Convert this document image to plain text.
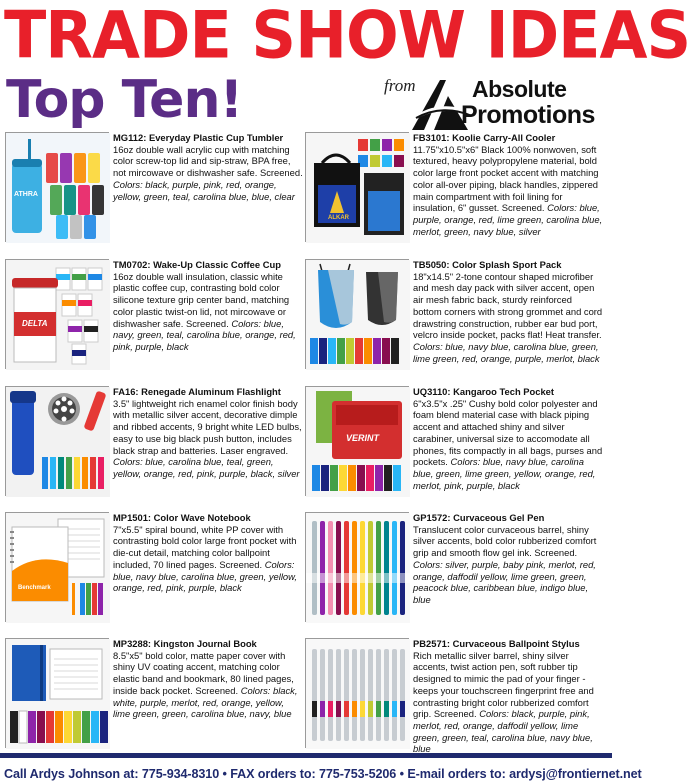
TRADE SHOW IDEAS
Top Ten!	from Absolute
Promotions
ATHRA
MG112: Everyday Plastic Cup Tumbler
16oz double wall acrylic cup with matching color screw-top lid and sip-straw, BPA free, not mircowave or dishwasher safe. Screened. Colors: black, purple, pink, red, orange, yellow, green, teal, carolina blue, blue, clear
ALKAR
FB3101: Koolie Carry-All Cooler
11.75"x10.5"x6" Black 100% nonwoven, soft textured, heavy polypropylene material, bold color large front pocket accent with matching color all-over piping, black handles, zippered main compartment with foil lining for insulation, 6" gusset. Screened. Colors: blue, purple, orange, red, lime green, carolina blue, merlot, green, navy blue, silver
DELTA
TM0702: Wake-Up Classic Coffee Cup
16oz double wall insulation, classic white plastic coffee cup, contrasting bold color silicone texture grip center band, matching color plastic twist-on lid, not mircowave or dishwasher safe. Screened. Colors: blue, navy, green, teal, carolina blue, orange, red, pink, purple, black
TB5050: Color Splash Sport Pack
18"x14.5" 2-tone contour shaped microfiber and mesh day pack with silver accent, open air mesh fabric back, sturdy reinforced bottom corners with strong grommet and cord drawstring construction, rubber ear bud port, velcro inside pocket, packs flat! Heat transfer. Colors: blue, navy blue, carolina blue, green, lime green, red, orange, purple, merlot, black
FA16: Renegade Aluminum Flashlight
3.5" lightweight rich enamel color finish body with metallic silver accent, decorative dimple and ribbed accents, 9 bright white LED bulbs, easy to use big black push button, includes black strap and batteries. Laser engraved. Colors: blue, carolina blue, teal, green, yellow, orange, red, pink, purple, black, silver
VERINT
UQ3110: Kangaroo Tech Pocket
6"x3.5"x .25" Cushy bold color polyester and foam blend material case with black piping accent and attached shiny and silver carabiner, universal size to accomodate all phones, fits compactly in all bags, purses and pockets. Colors: blue, navy blue, carolina blue, green, lime green, yellow, orange, red, merlot, pink, purple, black
Benchmark
MP1501: Color Wave Notebook
7"x5.5" spiral bound, white PP cover with contrasting bold color large front pocket with die-cut detail, matching color ballpoint included, 70 lined pages. Screened. Colors: blue, navy blue, carolina blue, green, yellow, orange, red, pink, purple, black
GP1572: Curvaceous Gel Pen
Translucent color curvaceous barrel, shiny silver accents, bold color rubberized comfort grip and smooth flow gel ink. Screened. Colors: silver, purple, baby pink, merlot, red, orange, daffodil yellow, lime green, green, peacock blue, caribbean blue, indigo blue, blue
MP3288: Kingston Journal Book
8.5"x5" bold color, matte paper cover with shiny UV coating accent, matching color elastic band and bookmark, 80 lined pages, inside back pocket. Screened. Colors: black, white, purple, merlot, red, orange, yellow, lime green, green, carolina blue, navy, blue
PB2571: Curvaceous Ballpoint Stylus
Rich metallic silver barrel, shiny silver accents, twist action pen, soft rubber tip designed to mimic the pad of your finger - keeps your touchscreen fingerprint free and contrasting bright color rubberized comfort grip. Screened. Colors: black, purple, pink, merlot, red, orange, daffodil yellow, lime green, green, teal, carolina blue, navy blue, blue
Call Ardys Johnson at: 775-934-8310 • FAX orders to: 775-753-5206 • E-mail orders to: ardysj@frontiernet.net
